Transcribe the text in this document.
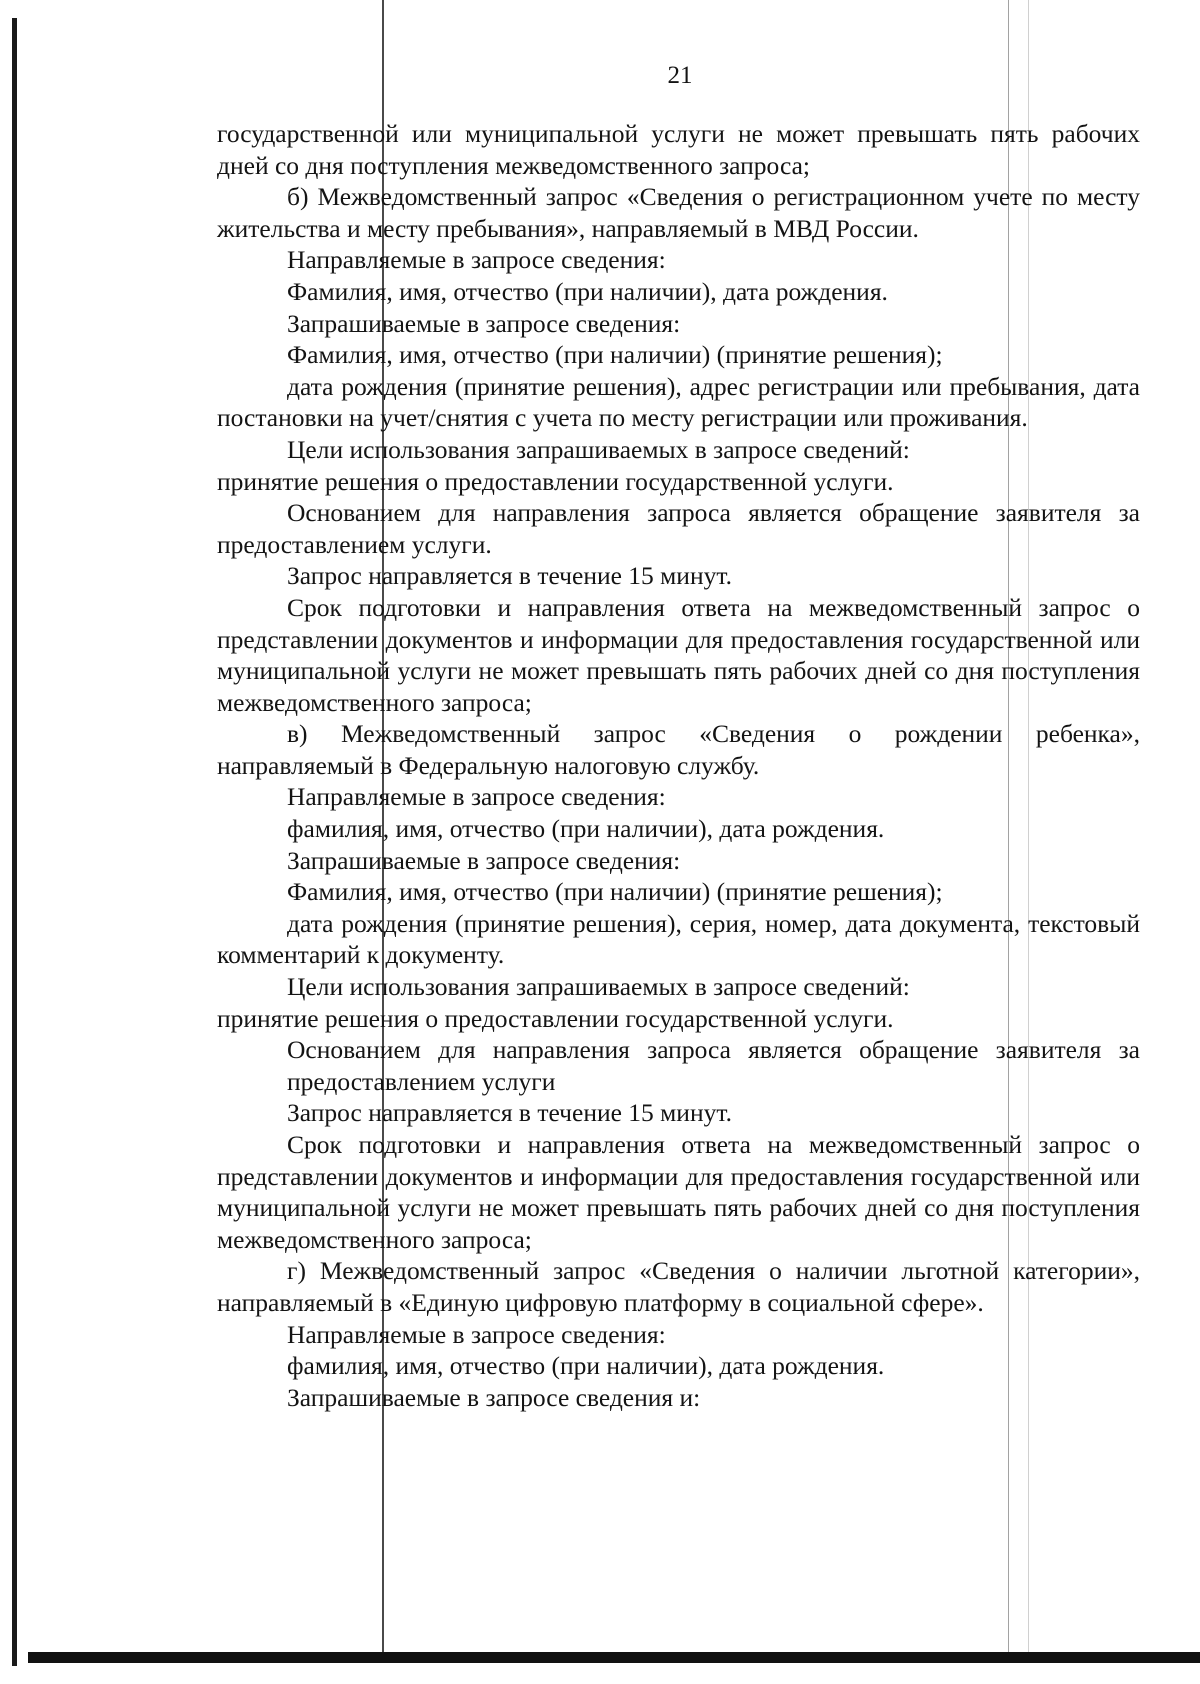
21

государственной или муниципальной услуги не может превышать пять рабочих дней со дня поступления межведомственного запроса;

б) Межведомственный запрос «Сведения о регистрационном учете по месту жительства и месту пребывания», направляемый в МВД России.

Направляемые в запросе сведения:

Фамилия, имя, отчество (при наличии), дата рождения.

Запрашиваемые в запросе сведения:

Фамилия, имя, отчество (при наличии) (принятие решения);

дата рождения (принятие решения), адрес регистрации или пребывания, дата постановки на учет/снятия с учета по месту регистрации или проживания.

Цели использования запрашиваемых в запросе сведений:

принятие решения о предоставлении государственной услуги.

Основанием для направления запроса является обращение заявителя за предоставлением услуги.

Запрос направляется в течение 15 минут.

Срок подготовки и направления ответа на межведомственный запрос о представлении документов и информации для предоставления государственной или муниципальной услуги не может превышать пять рабочих дней со дня поступления межведомственного запроса;

в) Межведомственный запрос «Сведения о рождении ребенка», направляемый в Федеральную налоговую службу.

Направляемые в запросе сведения:

фамилия, имя, отчество (при наличии), дата рождения.

Запрашиваемые в запросе сведения:

Фамилия, имя, отчество (при наличии) (принятие решения);

дата рождения (принятие решения), серия, номер, дата документа, текстовый комментарий к документу.

Цели использования запрашиваемых в запросе сведений:

принятие решения о предоставлении государственной услуги.

Основанием для направления запроса является обращение заявителя за предоставлением услуги

Запрос направляется в течение 15 минут.

Срок подготовки и направления ответа на межведомственный запрос о представлении документов и информации для предоставления государственной или муниципальной услуги не может превышать пять рабочих дней со дня поступления межведомственного запроса;

г) Межведомственный запрос «Сведения о наличии льготной категории», направляемый в «Единую цифровую платформу в социальной сфере».

Направляемые в запросе сведения:

фамилия, имя, отчество (при наличии), дата рождения.

Запрашиваемые в запросе сведения и:
